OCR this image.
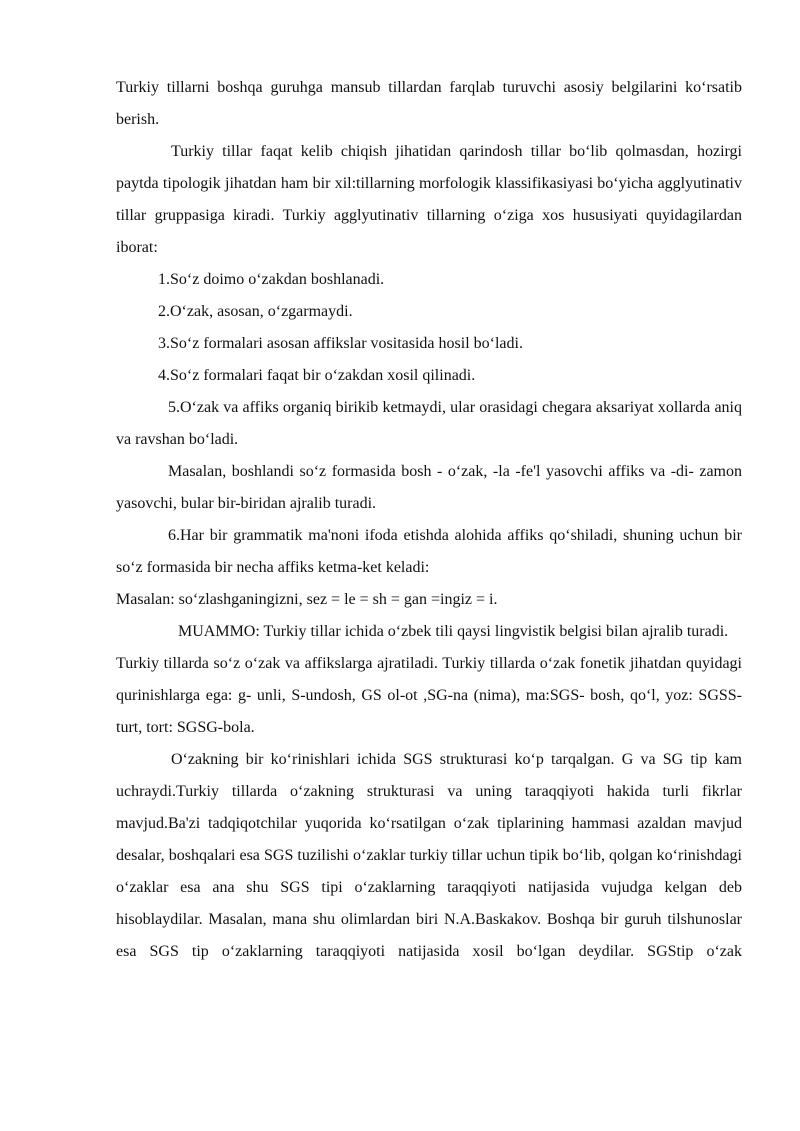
Turkiy tillarni boshqa guruhga mansub tillardan farqlab turuvchi asosiy belgilarini ko‘rsatib berish.

Turkiy tillar faqat kelib chiqish jihatidan qarindosh tillar bo‘lib qolmasdan, hozirgi paytda tipologik jihatdan ham bir xil:tillarning morfologik klassifikasiyasi bo‘yicha agglyutinativ tillar gruppasiga kiradi. Turkiy agglyutinativ tillarning o‘ziga xos hususiyati quyidagilardan iborat:

1.So‘z doimo o‘zakdan boshlanadi.

2.O‘zak, asosan, o‘zgarmaydi.

3.So‘z formalari asosan affikslar vositasida hosil bo‘ladi.

4.So‘z formalari faqat bir o‘zakdan xosil qilinadi.

5.O‘zak va affiks organiq birikib ketmaydi, ular orasidagi chegara aksariyat xollarda aniq va ravshan bo‘ladi.

Masalan, boshlandi so‘z formasida bosh - o‘zak, -la -fe'l yasovchi affiks va -di- zamon yasovchi, bular bir-biridan ajralib turadi.

6.Har bir grammatik ma'noni ifoda etishda alohida affiks qo‘shiladi, shuning uchun bir so‘z formasida bir necha affiks ketma-ket keladi:

Masalan: so‘zlashganingizni, sez = le = sh = gan =ingiz = i.

MUAMMO: Turkiy tillar ichida o‘zbek tili qaysi lingvistik belgisi bilan ajralib turadi.

Turkiy tillarda so‘z o‘zak va affikslarga ajratiladi. Turkiy tillarda o‘zak fonetik jihatdan quyidagi qurinishlarga ega: g- unli, S-undosh, GS ol-ot ,SG-na (nima), ma:SGS- bosh, qo‘l, yoz: SGSS-turt, tort: SGSG-bola.

O‘zakning bir ko‘rinishlari ichida SGS strukturasi ko‘p tarqalgan. G va SG tip kam uchraydi.Turkiy tillarda o‘zakning strukturasi va uning taraqqiyoti hakida turli fikrlar mavjud.Ba'zi tadqiqotchilar yuqorida ko‘rsatilgan o‘zak tiplarining hammasi azaldan mavjud desalar, boshqalari esa SGS tuzilishi o‘zaklar turkiy tillar uchun tipik bo‘lib, qolgan ko‘rinishdagi o‘zaklar esa ana shu SGS tipi o‘zaklarning taraqqiyoti natijasida vujudga kelgan deb hisoblaydilar. Masalan, mana shu olimlardan biri N.A.Baskakov. Boshqa bir guruh tilshunoslar esa SGS tip o‘zaklarning taraqqiyoti natijasida xosil bo‘lgan deydilar. SGStip o‘zak
